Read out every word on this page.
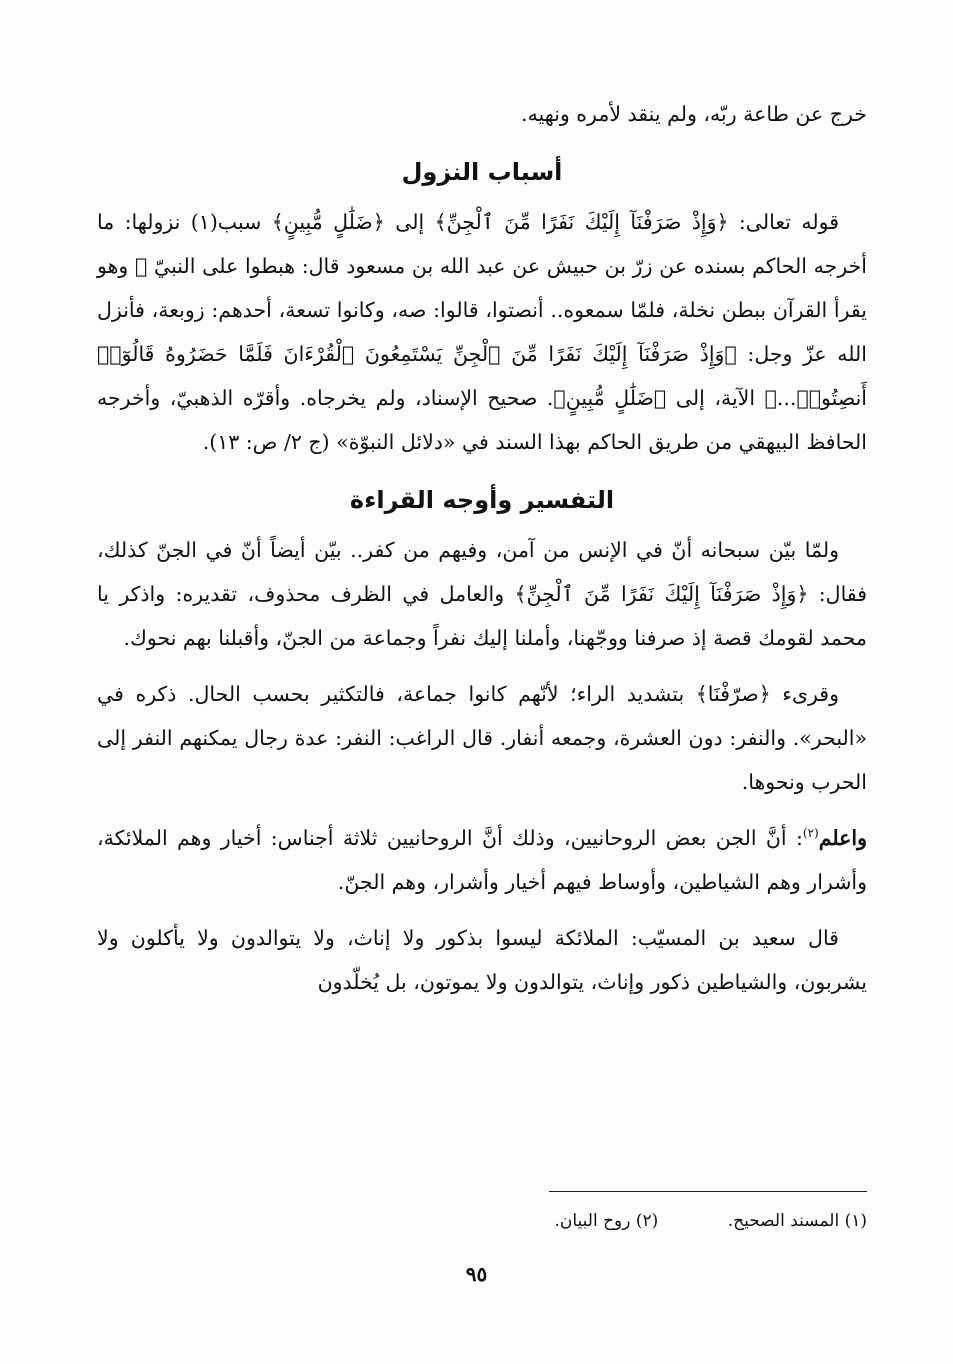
خرج عن طاعة ربّه، ولم ينقد لأمره ونهيه.

أسباب النزول

قوله تعالى: ﴿وَإِذْ صَرَفْنَآ إِلَيْكَ نَفَرًا مِّنَ ٱلْجِنِّ﴾ إلى ﴿ضَلَٰلٍ مُّبِينٍ﴾ سبب(١) نزولها: ما أخرجه الحاكم بسنده عن زرّ بن حبيش عن عبد الله بن مسعود قال: هبطوا على النبيّ ﷺ وهو يقرأ القرآن ببطن نخلة، فلمّا سمعوه.. أنصتوا، قالوا: صه، وكانوا تسعة، أحدهم: زوبعة، فأنزل الله عزّ وجل: ﴿وَإِذْ صَرَفْنَآ إِلَيْكَ نَفَرًا مِّنَ ٱلْجِنِّ يَسْتَمِعُونَ ٱلْقُرْءَانَ فَلَمَّا حَضَرُوهُ قَالُوٓا۟ أَنصِتُوا۟...﴾ الآية، إلى ﴿ضَلَٰلٍ مُّبِينٍ﴾. صحيح الإسناد، ولم يخرجاه. وأقرّه الذهبيّ، وأخرجه الحافظ البيهقي من طريق الحاكم بهذا السند في «دلائل النبوّة» (ج ٢/ ص: ١٣).

التفسير وأوجه القراءة

ولمّا بيّن سبحانه أنّ في الإنس من آمن، وفيهم من كفر.. بيّن أيضاً أنّ في الجنّ كذلك، فقال: ﴿وَإِذْ صَرَفْنَآ إِلَيْكَ نَفَرًا مِّنَ ٱلْجِنِّ﴾ والعامل في الظرف محذوف، تقديره: واذكر يا محمد لقومك قصة إذ صرفنا ووجّهنا، وأملنا إليك نفراً وجماعة من الجنّ، وأقبلنا بهم نحوك.

وقرىء ﴿صرّفْنَا﴾ بتشديد الراء؛ لأنّهم كانوا جماعة، فالتكثير بحسب الحال. ذكره في «البحر». والنفر: دون العشرة، وجمعه أنفار. قال الراغب: النفر: عدة رجال يمكنهم النفر إلى الحرب ونحوها.

واعلم$^{(٢)}$: أنَّ الجن بعض الروحانيين، وذلك أنَّ الروحانيين ثلاثة أجناس: أخيار وهم الملائكة، وأشرار وهم الشياطين، وأوساط فيهم أخيار وأشرار، وهم الجنّ.

قال سعيد بن المسيّب: الملائكة ليسوا بذكور ولا إناث، ولا يتوالدون ولا يأكلون ولا يشربون، والشياطين ذكور وإناث، يتوالدون ولا يموتون، بل يُخلّدون

(١) المسند الصحيح. (٢) روح البيان.
٩٥
